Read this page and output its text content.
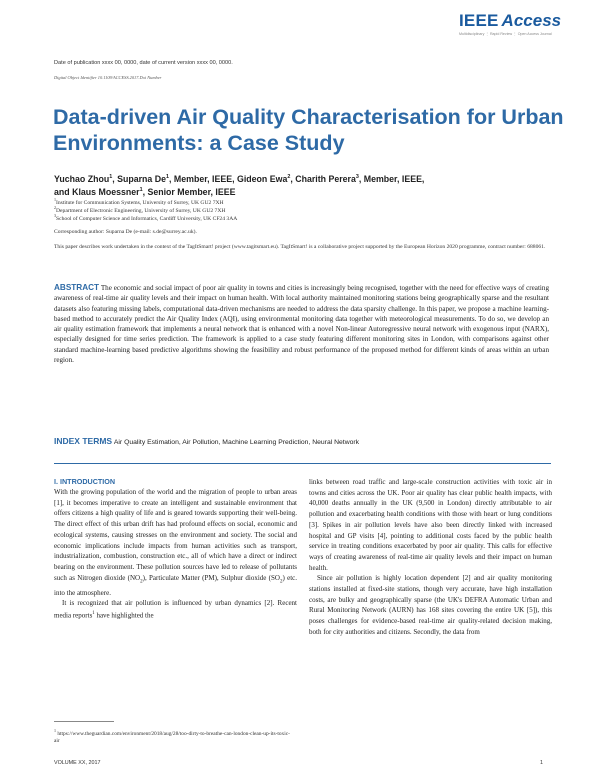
IEEE Access
Multidisciplinary ⋮ Rapid Review ⋮ Open Access Journal
Date of publication xxxx 00, 0000, date of current version xxxx 00, 0000.
Digital Object Identifier 10.1109/ACCESS.2017.Doi Number
Data-driven Air Quality Characterisation for Urban Environments: a Case Study
Yuchao Zhou$^1$, Suparna De$^1$, Member, IEEE, Gideon Ewa$^2$, Charith Perera$^3$, Member, IEEE,
and Klaus Moessner$^1$, Senior Member, IEEE
$^1$Institute for Communication Systems, University of Surrey, UK GU2 7XH
$^2$Department of Electronic Engineering, University of Surrey, UK GU2 7XH
$^3$School of Computer Science and Informatics, Cardiff University, UK CF24 3AA
Corresponding author: Suparna De (e-mail: s.de@surrey.ac.uk).
This paper describes work undertaken in the context of the TagItSmart! project (www.tagitsmart.eu). TagItSmart! is a collaborative project supported by the European Horizon 2020 programme, contract number: 688061.
ABSTRACT The economic and social impact of poor air quality in towns and cities is increasingly being recognised, together with the need for effective ways of creating awareness of real-time air quality levels and their impact on human health. With local authority maintained monitoring stations being geographically sparse and the resultant datasets also featuring missing labels, computational data-driven mechanisms are needed to address the data sparsity challenge. In this paper, we propose a machine learning-based method to accurately predict the Air Quality Index (AQI), using environmental monitoring data together with meteorological measurements. To do so, we develop an air quality estimation framework that implements a neural network that is enhanced with a novel Non-linear Autoregressive neural network with exogenous input (NARX), especially designed for time series prediction. The framework is applied to a case study featuring different monitoring sites in London, with comparisons against other standard machine-learning based predictive algorithms showing the feasibility and robust performance of the proposed method for different kinds of areas within an urban region.
INDEX TERMS Air Quality Estimation, Air Pollution, Machine Learning Prediction, Neural Network
I. INTRODUCTION

With the growing population of the world and the migration of people to urban areas [1], it becomes imperative to create an intelligent and sustainable environment that offers citizens a high quality of life and is geared towards supporting their well-being. The direct effect of this urban drift has had profound effects on social, economic and ecological systems, causing stresses on the environment and society. The social and economic implications include impacts from human activities such as transport, industrialization, combustion, construction etc., all of which have a direct or indirect bearing on the environment. These pollution sources have led to release of pollutants such as Nitrogen dioxide $(NO_2)$, Particulate Matter (PM), Sulphur dioxide $(SO_2)$ etc. into the atmosphere.

It is recognized that air pollution is influenced by urban dynamics [2]. Recent media reports$^1$ have highlighted the

links between road traffic and large-scale construction activities with toxic air in towns and cities across the UK. Poor air quality has clear public health impacts, with 40,000 deaths annually in the UK (9,500 in London) directly attributable to air pollution and exacerbating health conditions with those with heart or lung conditions [3]. Spikes in air pollution levels have also been directly linked with increased hospital and GP visits [4], pointing to additional costs faced by the public health service in treating conditions exacerbated by poor air quality. This calls for effective ways of creating awareness of real-time air quality levels and their impact on human health.

Since air pollution is highly location dependent [2] and air quality monitoring stations installed at fixed-site stations, though very accurate, have high installation costs, are bulky and geographically sparse (the UK's DEFRA Automatic Urban and Rural Monitoring Network (AURN) has 168 sites covering the entire UK [5]), this poses challenges for evidence-based real-time air quality-related decision making, both for city authorities and citizens. Secondly, the data from

$^1$ https://www.theguardian.com/environment/2018/aug/28/too-dirty-to-breathe-can-london-clean-up-its-toxic-air
VOLUME XX, 2017	1
